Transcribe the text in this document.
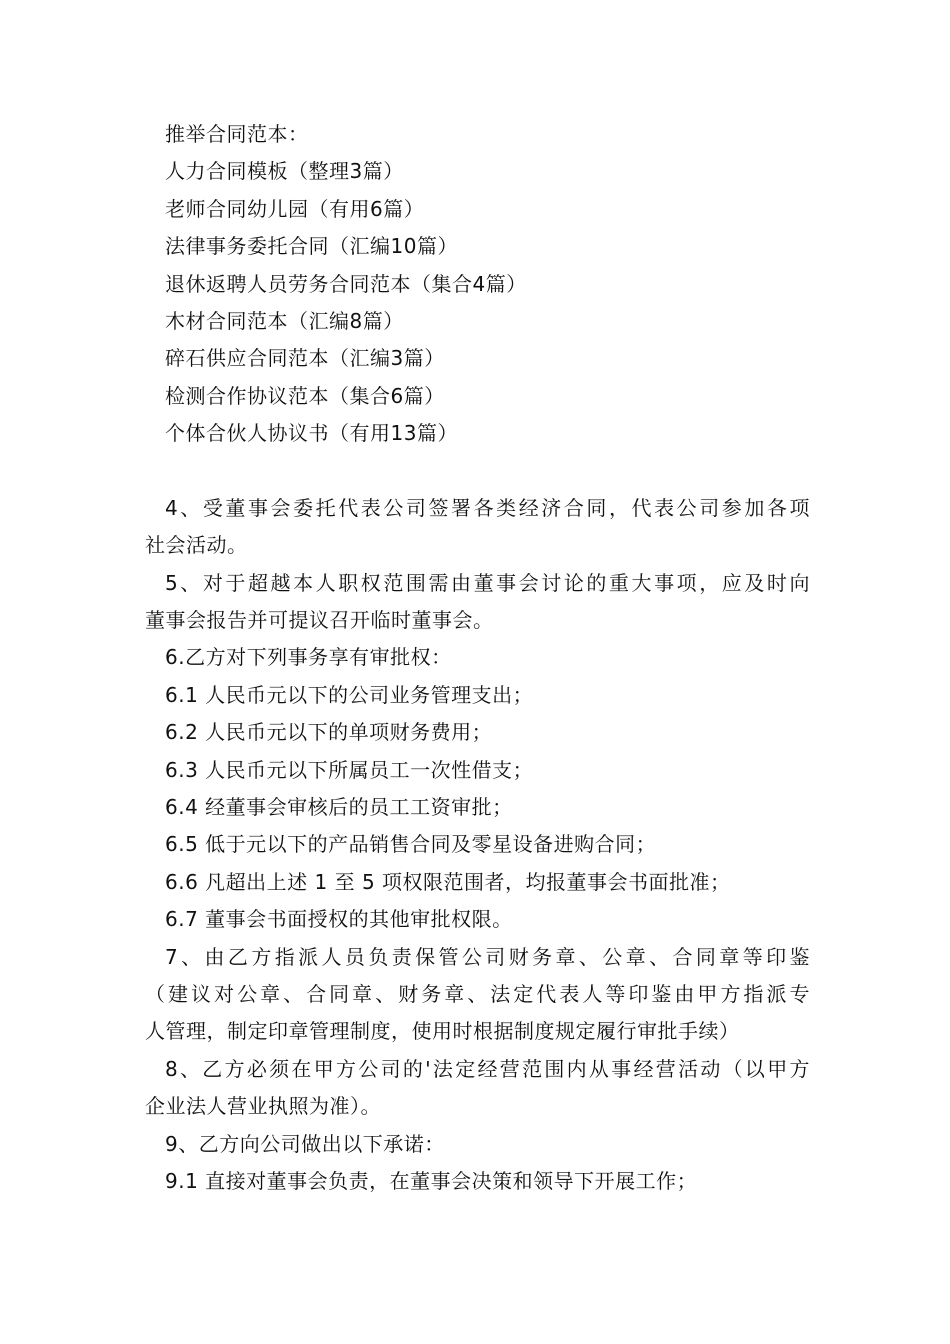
推举合同范本：
人力合同模板（整理3篇）
老师合同幼儿园（有用6篇）
法律事务委托合同（汇编10篇）
退休返聘人员劳务合同范本（集合4篇）
木材合同范本（汇编8篇）
碎石供应合同范本（汇编3篇）
检测合作协议范本（集合6篇）
个体合伙人协议书（有用13篇）
4、受董事会委托代表公司签署各类经济合同，代表公司参加各项
社会活动。
5、对于超越本人职权范围需由董事会讨论的重大事项，应及时向
董事会报告并可提议召开临时董事会。
6.乙方对下列事务享有审批权：
6.1 人民币元以下的公司业务管理支出；
6.2 人民币元以下的单项财务费用；
6.3 人民币元以下所属员工一次性借支；
6.4 经董事会审核后的员工工资审批；
6.5 低于元以下的产品销售合同及零星设备进购合同；
6.6 凡超出上述 1 至 5 项权限范围者，均报董事会书面批准；
6.7 董事会书面授权的其他审批权限。
7、由乙方指派人员负责保管公司财务章、公章、合同章等印鉴
（建议对公章、合同章、财务章、法定代表人等印鉴由甲方指派专
人管理，制定印章管理制度，使用时根据制度规定履行审批手续）
8、乙方必须在甲方公司的'法定经营范围内从事经营活动（以甲方
企业法人营业执照为准）。
9、乙方向公司做出以下承诺：
9.1 直接对董事会负责，在董事会决策和领导下开展工作；
